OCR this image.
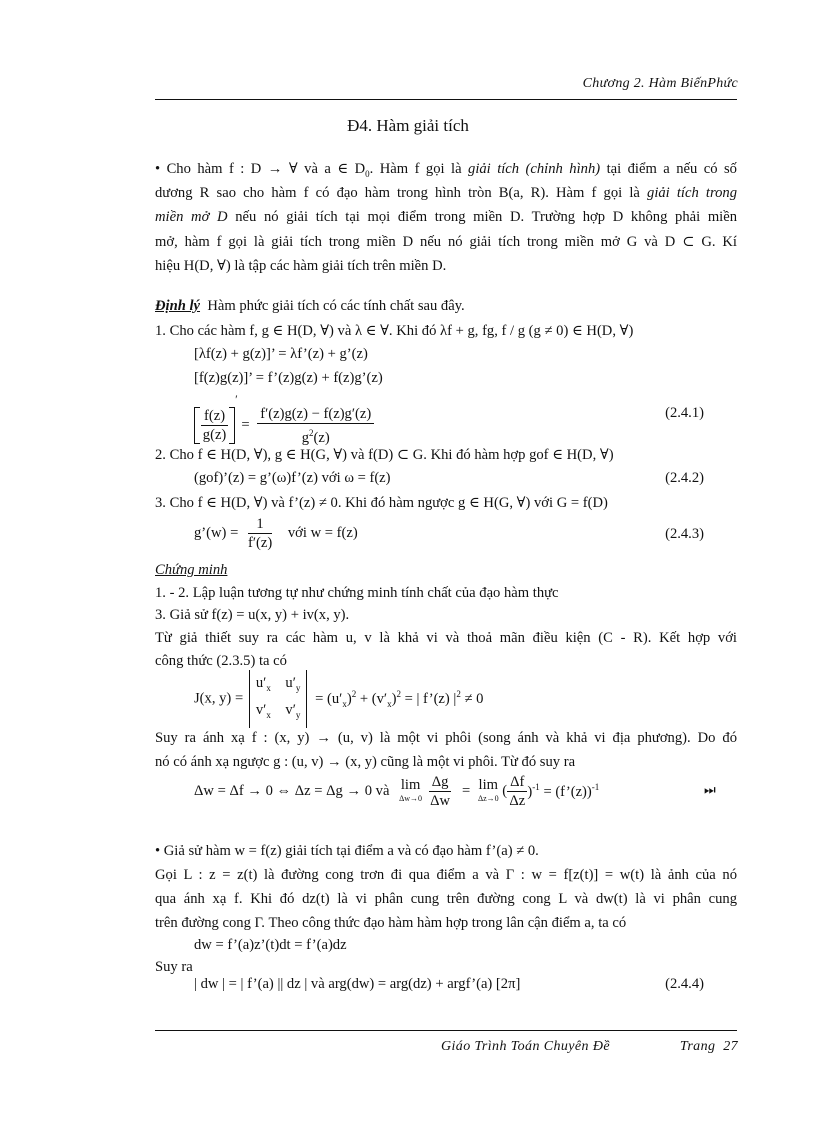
Chương 2. Hàm BiếnPhức
Đ4. Hàm giải tích
• Cho hàm f : D → ∀ và a ∈ $D_0$. Hàm f gọi là giải tích (chỉnh hình) tại điểm a nếu có số
dương R sao cho hàm f có đạo hàm trong hình tròn B(a, R). Hàm f gọi là giải tích trong
miền mở D nếu nó giải tích tại mọi điểm trong miền D. Trường hợp D không phải miền
mở, hàm f gọi là giải tích trong miền D nếu nó giải tích trong miền mở G và D ⊂ G. Kí
hiệu H(D, ∀) là tập các hàm giải tích trên miền D.
Định lý Hàm phức giải tích có các tính chất sau đây.
1. Cho các hàm f, g ∈ H(D, ∀) và λ ∈ ∀. Khi đó λf + g, fg, f / g (g ≠ 0) ∈ H(D, ∀)
[λf(z) + g(z)]’ = λf’(z) + g’(z)
[f(z)g(z)]’ = f’(z)g(z) + f(z)g’(z)
$\frac{f(z)}{g(z)}$
$' = \frac{f'(z)g(z) - f(z)g'(z)}{g^2(z)}$	(2.4.1)
2. Cho f ∈ H(D, ∀), g ∈ H(G, ∀) và f(D) ⊂ G. Khi đó hàm hợp gof ∈ H(D, ∀)
(gof)’(z) = g’(ω)f’(z) với ω = f(z)	(2.4.2)
3. Cho f ∈ H(D, ∀) và f’(z) ≠ 0. Khi đó hàm ngược g ∈ H(G, ∀) với G = f(D)
g’(w) = $\frac{1}{f'(z)}$ với w = f(z)	(2.4.3)
Chứng minh
1. - 2. Lập luận tương tự như chứng minh tính chất của đạo hàm thực
3. Giả sử f(z) = u(x, y) + iv(x, y).
Từ giả thiết suy ra các hàm u, v là khả vi và thoả mãn điều kiện (C - R). Kết hợp với
công thức (2.3.5) ta có
J(x, y) =
$u'_x$ $u'_y$
$v'_x$ $v'_y$
= $(u'_x)^2 + (v'_x)^2$ = | f’(z) $|^2 \ne 0$
Suy ra ánh xạ f : (x, y) → (u, v) là một vi phôi (song ánh và khả vi địa phương). Do đó
nó có ánh xạ ngược g : (u, v) → (x, y) cũng là một vi phôi. Từ đó suy ra
Δw = Δf → 0 ⇔ Δz = Δg → 0 và lim
Δw→0
$\frac{\Delta g}{\Delta w} = \lim$
Δz→0 ( $\frac{\Delta f}{\Delta z} )^{-1}$ = (f’(z))$^{-1}$	⏭
• Giả sử hàm w = f(z) giải tích tại điểm a và có đạo hàm f’(a) ≠ 0.
Gọi L : z = z(t) là đường cong trơn đi qua điểm a và Γ : w = f[z(t)] = w(t) là ảnh của nó
qua ánh xạ f. Khi đó dz(t) là vi phân cung trên đường cong L và dw(t) là vi phân cung
trên đường cong Γ. Theo công thức đạo hàm hàm hợp trong lân cận điểm a, ta có
dw = f’(a)z’(t)dt = f’(a)dz
Suy ra
| dw | = | f’(a) || dz | và arg(dw) = arg(dz) + argf’(a) [2π]	(2.4.4)
Giáo Trình Toán Chuyên Đề	Trang 27
